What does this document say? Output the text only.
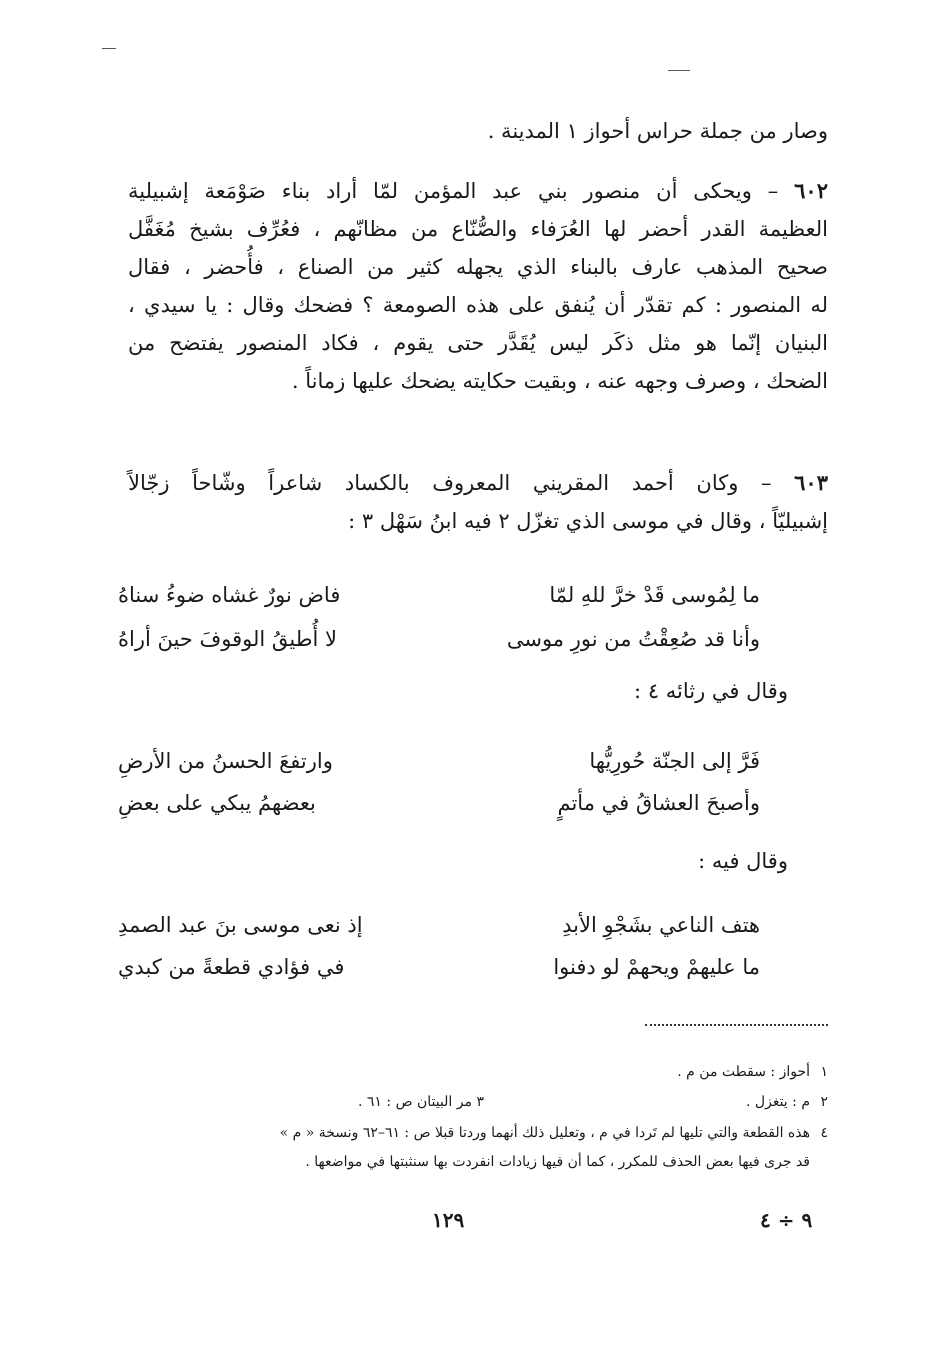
وصار من جملة حراس أحواز ١ المدينة .
٦٠٢ – ويحكى أن منصور بني عبد المؤمن لمّا أراد بناء صَوْمَعة إشبيلية
العظيمة القدر أحضر لها العُرَفاء والصُّنّاع من مظانّهم ، فعُرِّف بشيخ مُغَفَّل
صحيح المذهب عارف بالبناء الذي يجهله كثير من الصناع ، فأُحضر ، فقال
له المنصور : كم تقدّر أن يُنفق على هذه الصومعة ؟ فضحك وقال : يا سيدي ،
البنيان إنّما هو مثل ذكَر ليس يُقَدَّر حتى يقوم ، فكاد المنصور يفتضح من
الضحك ، وصرف وجهه عنه ، وبقيت حكايته يضحك عليها زماناً .
٦٠٣ – وكان أحمد المقريني المعروف بالكساد شاعراً وشّاحاً زجّالاً
إشبيليّاً ، وقال في موسى الذي تغزّل ٢ فيه ابنُ سَهْل ٣ :
ما لِمُوسى قَدْ خرَّ للهِ لمّا
فاض نورٌ غشاه ضوءُ سناهُ
وأنا قد صُعِقْتُ من نورِ موسى
لا أُطيقُ الوقوفَ حينَ أراهُ
وقال في رثائه ٤ :
فَرَّ إلى الجنّة حُورِيُّها
وارتفعَ الحسنُ من الأرضِ
وأصبحَ العشاقُ في مأتمٍ
بعضهمُ يبكي على بعضِ
وقال فيه :
هتف الناعي بشَجْوِ الأبدِ
إذ نعى موسى بنَ عبد الصمدِ
ما عليهمْ ويحهمْ لو دفنوا
في فؤادي قطعةً من كبدي
١أحواز : سقطت من م .
٢م : يتغزل .
٣ مر البيتان ص : ٦١ .
٤هذه القطعة والتي تليها لم تَردا في م ، وتعليل ذلك أنهما وردتا قبلا ص : ٦١–٦٢ ونسخة « م »
قد جرى فيها بعض الحذف للمكرر ، كما أن فيها زيادات انفردت بها سنثبتها في مواضعها .
١٢٩	٩ ÷ ٤
